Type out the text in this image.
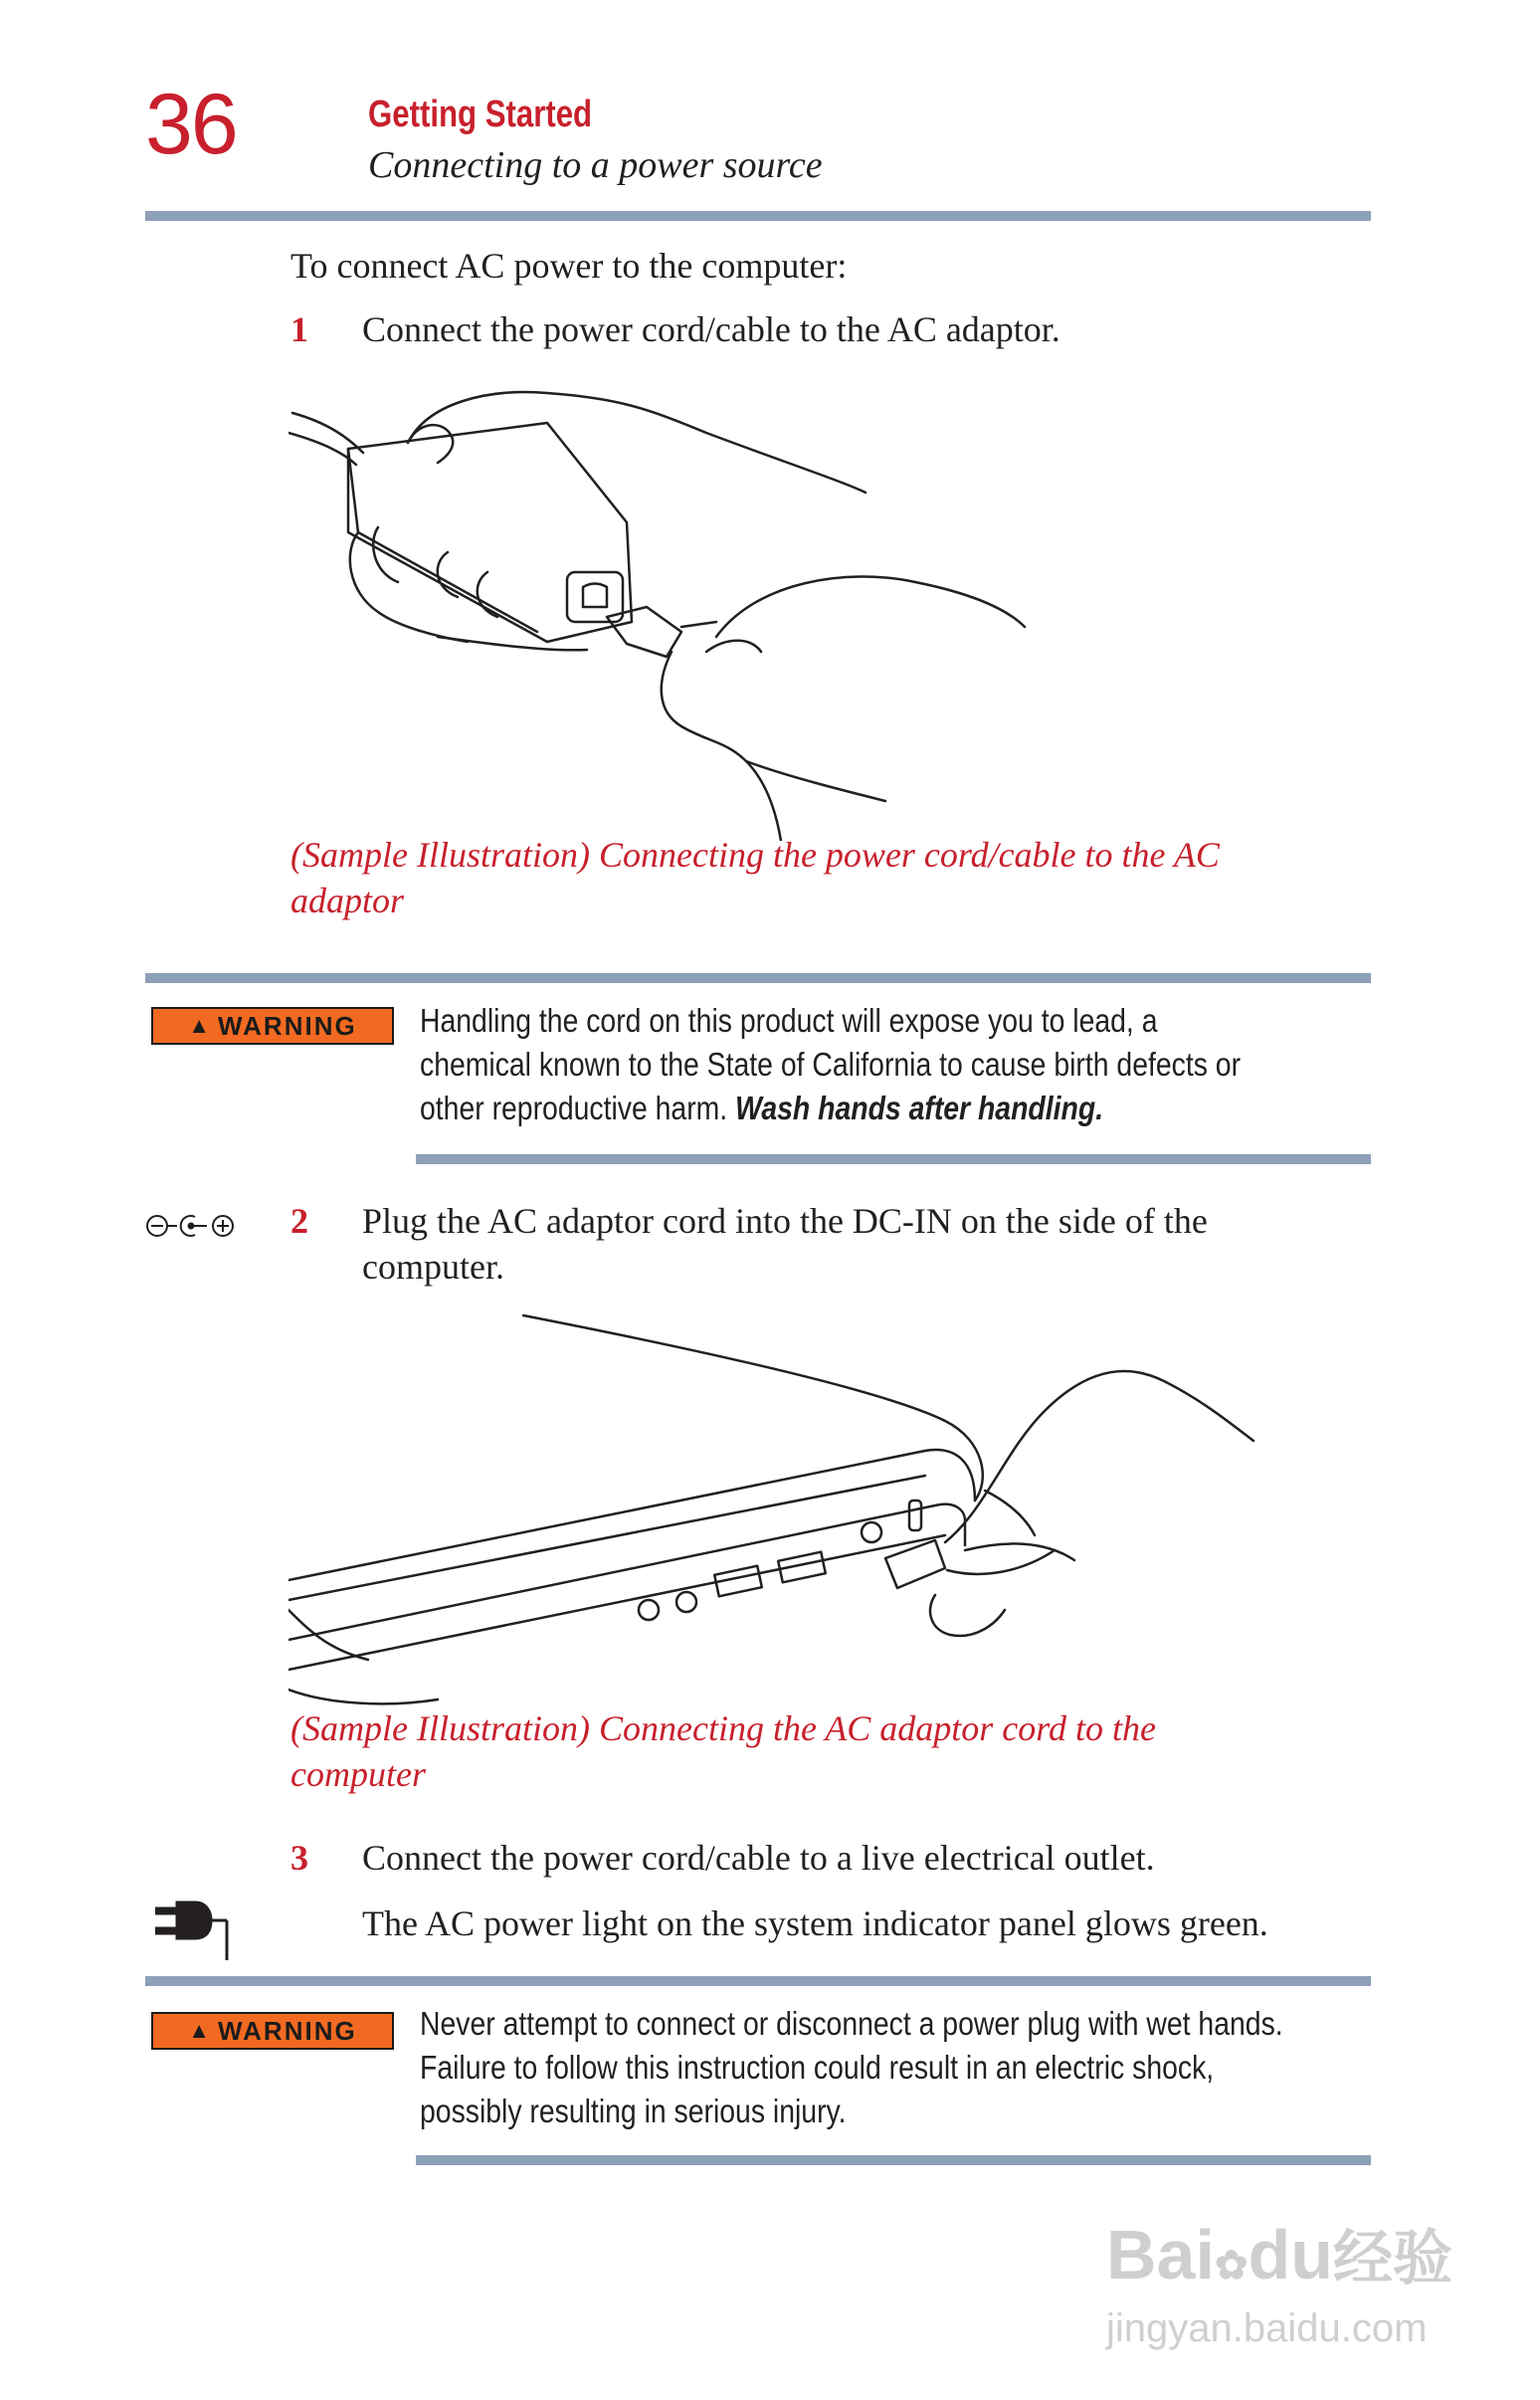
36	Getting Started
Connecting to a power source
To connect AC power to the computer:
1 Connect the power cord/cable to the AC adaptor.
(Sample Illustration) Connecting the power cord/cable to the AC
adaptor
▲ WARNING Handling the cord on this product will expose you to lead, a
chemical known to the State of California to cause birth defects or
other reproductive harm. Wash hands after handling.
2 Plug the AC adaptor cord into the DC-IN on the side of the
computer.
(Sample Illustration) Connecting the AC adaptor cord to the
computer
3 Connect the power cord/cable to a live electrical outlet.
The AC power light on the system indicator panel glows green.
▲ WARNING Never attempt to connect or disconnect a power plug with wet hands.
Failure to follow this instruction could result in an electric shock,
possibly resulting in serious injury.
Bai✿du经验
jingyan.baidu.com
